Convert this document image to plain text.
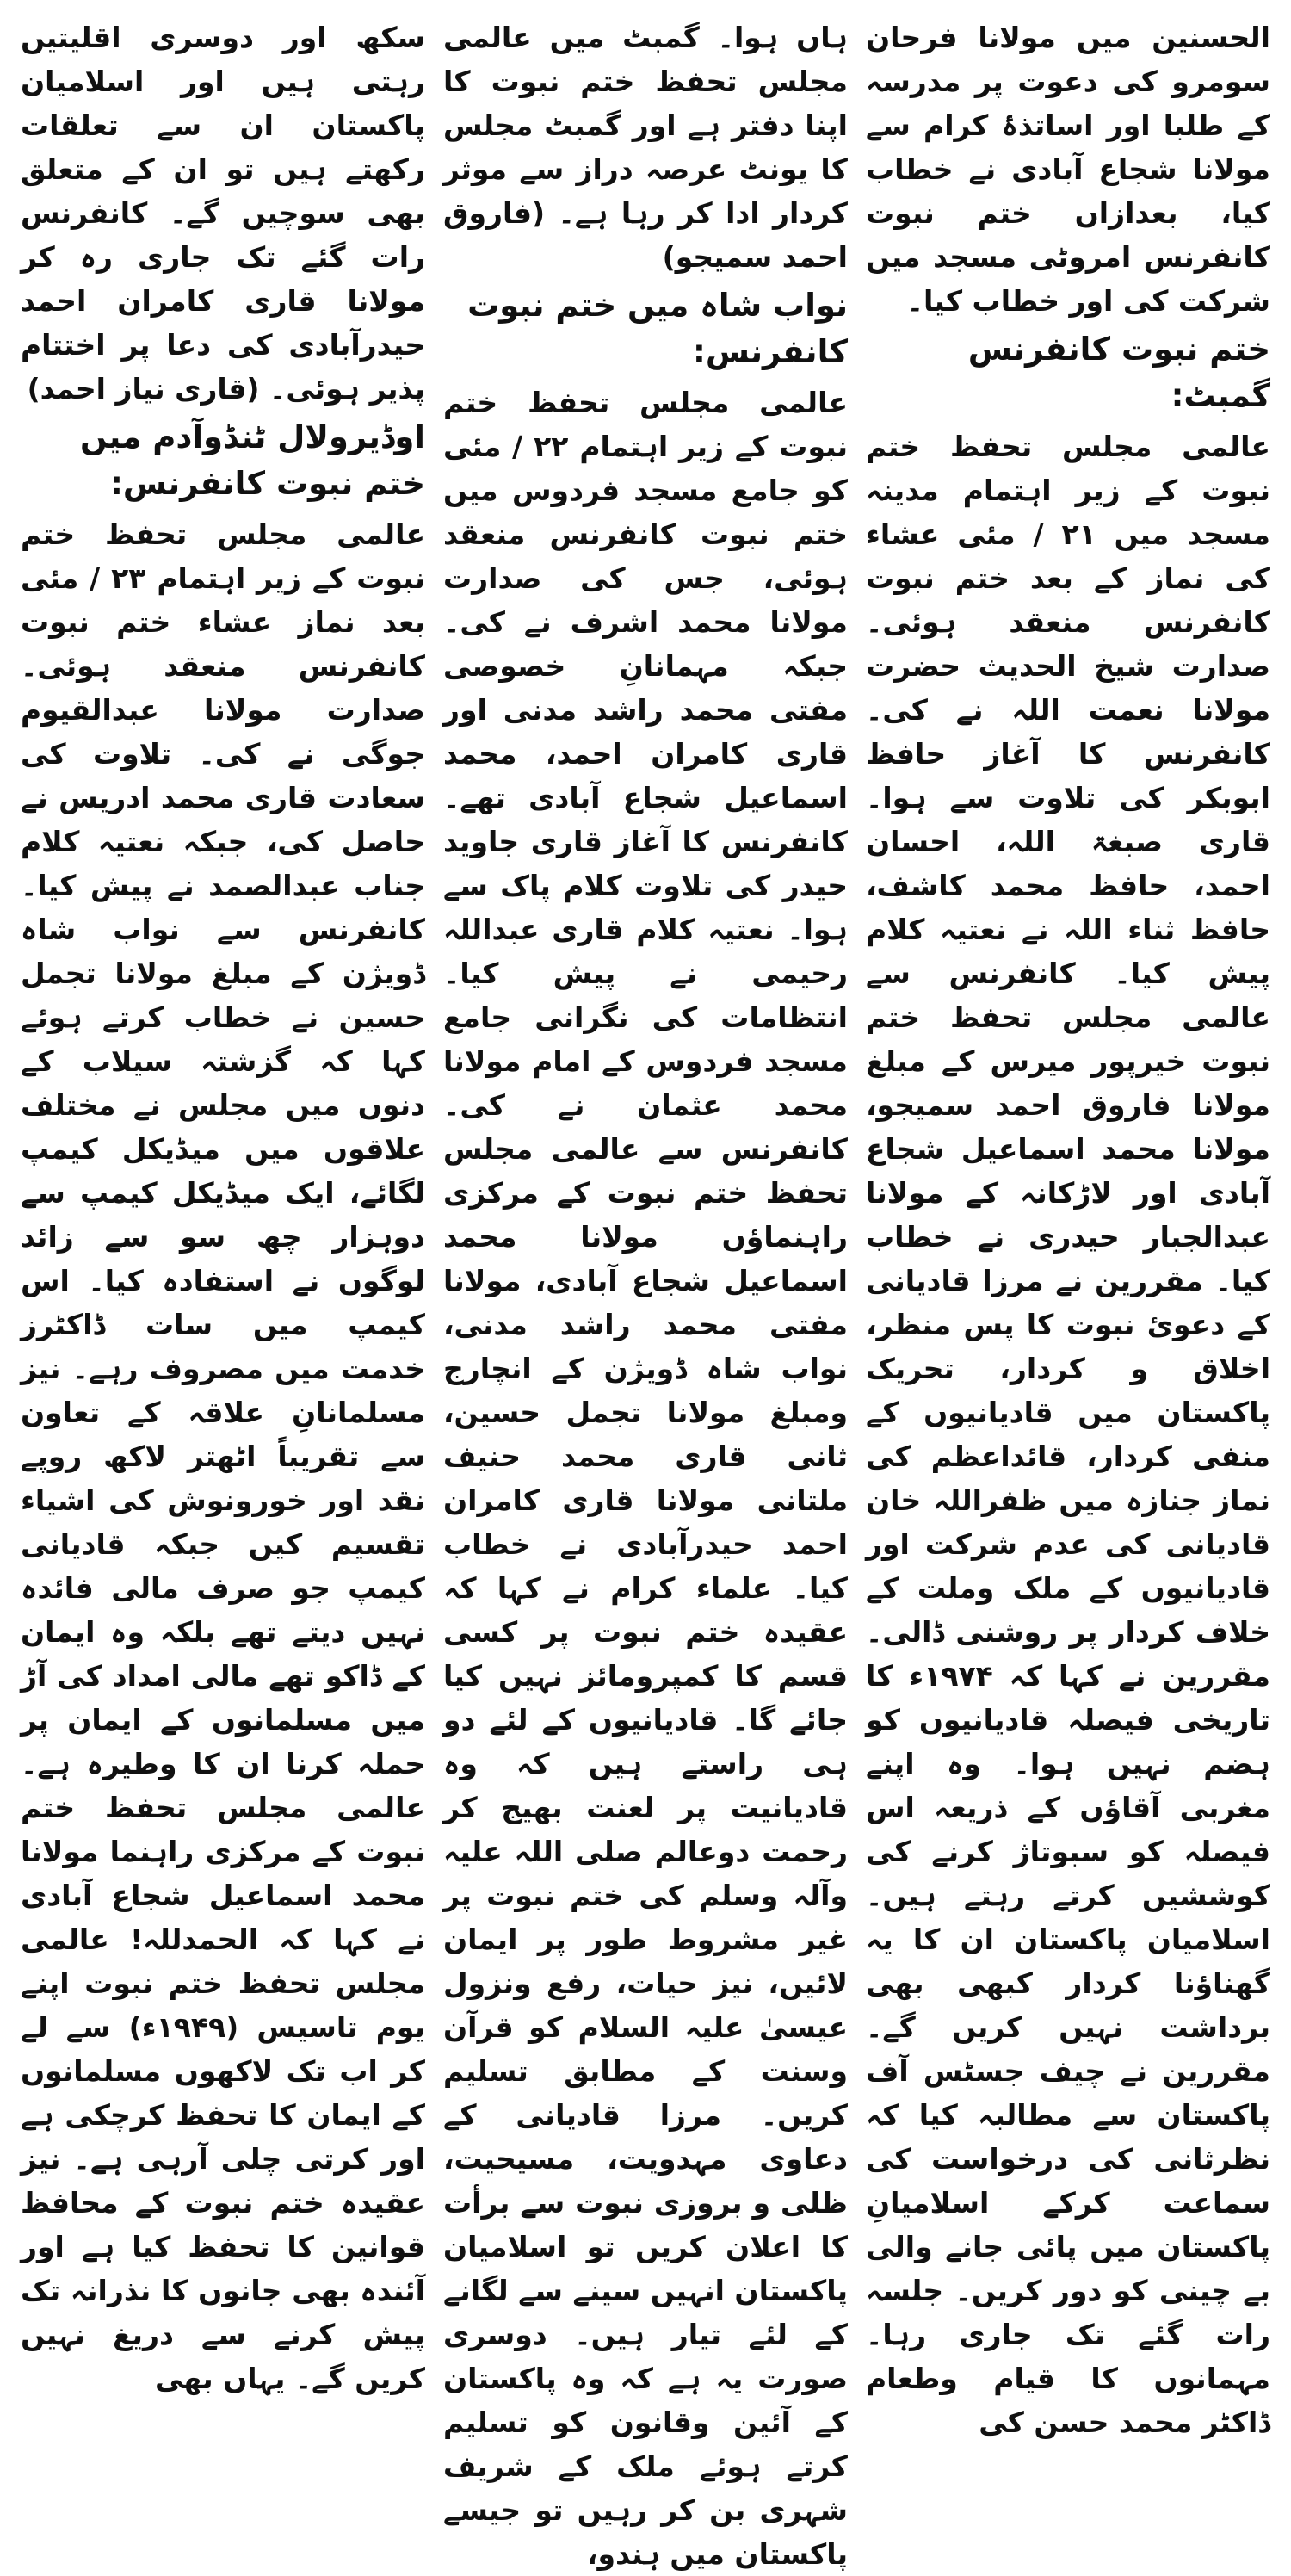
الحسنین میں مولانا فرحان سومرو کی دعوت پر مدرسہ کے طلبا اور اساتذۂ کرام سے مولانا شجاع آبادی نے خطاب کیا، بعدازاں ختم نبوت کانفرنس امروٹی مسجد میں شرکت کی اور خطاب کیا۔

ختم نبوت کانفرنس گمبٹ:

عالمی مجلس تحفظ ختم نبوت کے زیر اہتمام مدینہ مسجد میں ۲۱ / مئی عشاء کی نماز کے بعد ختم نبوت کانفرنس منعقد ہوئی۔ صدارت شیخ الحدیث حضرت مولانا نعمت اللہ نے کی۔ کانفرنس کا آغاز حافظ ابوبکر کی تلاوت سے ہوا۔ قاری صبغۃ اللہ، احسان احمد، حافظ محمد کاشف، حافظ ثناء اللہ نے نعتیہ کلام پیش کیا۔ کانفرنس سے عالمی مجلس تحفظ ختم نبوت خیرپور میرس کے مبلغ مولانا فاروق احمد سمیجو، مولانا محمد اسماعیل شجاع آبادی اور لاڑکانہ کے مولانا عبدالجبار حیدری نے خطاب کیا۔ مقررین نے مرزا قادیانی کے دعوئ نبوت کا پس منظر، اخلاق و کردار، تحریک پاکستان میں قادیانیوں کے منفی کردار، قائداعظم کی نماز جنازہ میں ظفراللہ خان قادیانی کی عدم شرکت اور قادیانیوں کے ملک وملت کے خلاف کردار پر روشنی ڈالی۔ مقررین نے کہا کہ ۱۹۷۴ء کا تاریخی فیصلہ قادیانیوں کو ہضم نہیں ہوا۔ وہ اپنے مغربی آقاؤں کے ذریعہ اس فیصلہ کو سبوتاژ کرنے کی کوششیں کرتے رہتے ہیں۔ اسلامیان پاکستان ان کا یہ گھناؤنا کردار کبھی بھی برداشت نہیں کریں گے۔ مقررین نے چیف جسٹس آف پاکستان سے مطالبہ کیا کہ نظرثانی کی درخواست کی سماعت کرکے اسلامیانِ پاکستان میں پائی جانے والی بے چینی کو دور کریں۔ جلسہ رات گئے تک جاری رہا۔ مہمانوں کا قیام وطعام ڈاکٹر محمد حسن کی

ہاں ہوا۔ گمبٹ میں عالمی مجلس تحفظ ختم نبوت کا اپنا دفتر ہے اور گمبٹ مجلس کا یونٹ عرصہ دراز سے موثر کردار ادا کر رہا ہے۔ (فاروق احمد سمیجو)

نواب شاہ میں ختم نبوت کانفرنس:

عالمی مجلس تحفظ ختم نبوت کے زیر اہتمام ۲۲ / مئی کو جامع مسجد فردوس میں ختم نبوت کانفرنس منعقد ہوئی، جس کی صدارت مولانا محمد اشرف نے کی۔ جبکہ مہمانانِ خصوصی مفتی محمد راشد مدنی اور قاری کامران احمد، محمد اسماعیل شجاع آبادی تھے۔ کانفرنس کا آغاز قاری جاوید حیدر کی تلاوت کلام پاک سے ہوا۔ نعتیہ کلام قاری عبداللہ رحیمی نے پیش کیا۔ انتظامات کی نگرانی جامع مسجد فردوس کے امام مولانا محمد عثمان نے کی۔ کانفرنس سے عالمی مجلس تحفظ ختم نبوت کے مرکزی راہنماؤں مولانا محمد اسماعیل شجاع آبادی، مولانا مفتی محمد راشد مدنی، نواب شاہ ڈویژن کے انچارج ومبلغ مولانا تجمل حسین، ثانی قاری محمد حنیف ملتانی مولانا قاری کامران احمد حیدرآبادی نے خطاب کیا۔ علماء کرام نے کہا کہ عقیدہ ختم نبوت پر کسی قسم کا کمپرومائز نہیں کیا جائے گا۔ قادیانیوں کے لئے دو ہی راستے ہیں کہ وہ قادیانیت پر لعنت بھیج کر رحمت دوعالم صلی اللہ علیہ وآلہ وسلم کی ختم نبوت پر غیر مشروط طور پر ایمان لائیں، نیز حیات، رفع ونزول عیسیٰ علیہ السلام کو قرآن وسنت کے مطابق تسلیم کریں۔ مرزا قادیانی کے دعاوی مہدویت، مسیحیت، ظلی و بروزی نبوت سے برأت کا اعلان کریں تو اسلامیان پاکستان انہیں سینے سے لگانے کے لئے تیار ہیں۔ دوسری صورت یہ ہے کہ وہ پاکستان کے آئین وقانون کو تسلیم کرتے ہوئے ملک کے شریف شہری بن کر رہیں تو جیسے پاکستان میں ہندو،

سکھ اور دوسری اقلیتیں رہتی ہیں اور اسلامیان پاکستان ان سے تعلقات رکھتے ہیں تو ان کے متعلق بھی سوچیں گے۔ کانفرنس رات گئے تک جاری رہ کر مولانا قاری کامران احمد حیدرآبادی کی دعا پر اختتام پذیر ہوئی۔ (قاری نیاز احمد)

اوڈیرولال ٹنڈوآدم میں ختم نبوت کانفرنس:

عالمی مجلس تحفظ ختم نبوت کے زیر اہتمام ۲۳ / مئی بعد نماز عشاء ختم نبوت کانفرنس منعقد ہوئی۔ صدارت مولانا عبدالقیوم جوگی نے کی۔ تلاوت کی سعادت قاری محمد ادریس نے حاصل کی، جبکہ نعتیہ کلام جناب عبدالصمد نے پیش کیا۔ کانفرنس سے نواب شاہ ڈویژن کے مبلغ مولانا تجمل حسین نے خطاب کرتے ہوئے کہا کہ گزشتہ سیلاب کے دنوں میں مجلس نے مختلف علاقوں میں میڈیکل کیمپ لگائے، ایک میڈیکل کیمپ سے دوہزار چھ سو سے زائد لوگوں نے استفادہ کیا۔ اس کیمپ میں سات ڈاکٹرز خدمت میں مصروف رہے۔ نیز مسلمانانِ علاقہ کے تعاون سے تقریباً اٹھتر لاکھ روپے نقد اور خورونوش کی اشیاء تقسیم کیں جبکہ قادیانی کیمپ جو صرف مالی فائدہ نہیں دیتے تھے بلکہ وہ ایمان کے ڈاکو تھے مالی امداد کی آڑ میں مسلمانوں کے ایمان پر حملہ کرنا ان کا وطیرہ ہے۔ عالمی مجلس تحفظ ختم نبوت کے مرکزی راہنما مولانا محمد اسماعیل شجاع آبادی نے کہا کہ الحمدللہ! عالمی مجلس تحفظ ختم نبوت اپنے یوم تاسیس (۱۹۴۹ء) سے لے کر اب تک لاکھوں مسلمانوں کے ایمان کا تحفظ کرچکی ہے اور کرتی چلی آرہی ہے۔ نیز عقیدہ ختم نبوت کے محافظ قوانین کا تحفظ کیا ہے اور آئندہ بھی جانوں کا نذرانہ تک پیش کرنے سے دریغ نہیں کریں گے۔ یہاں بھی
